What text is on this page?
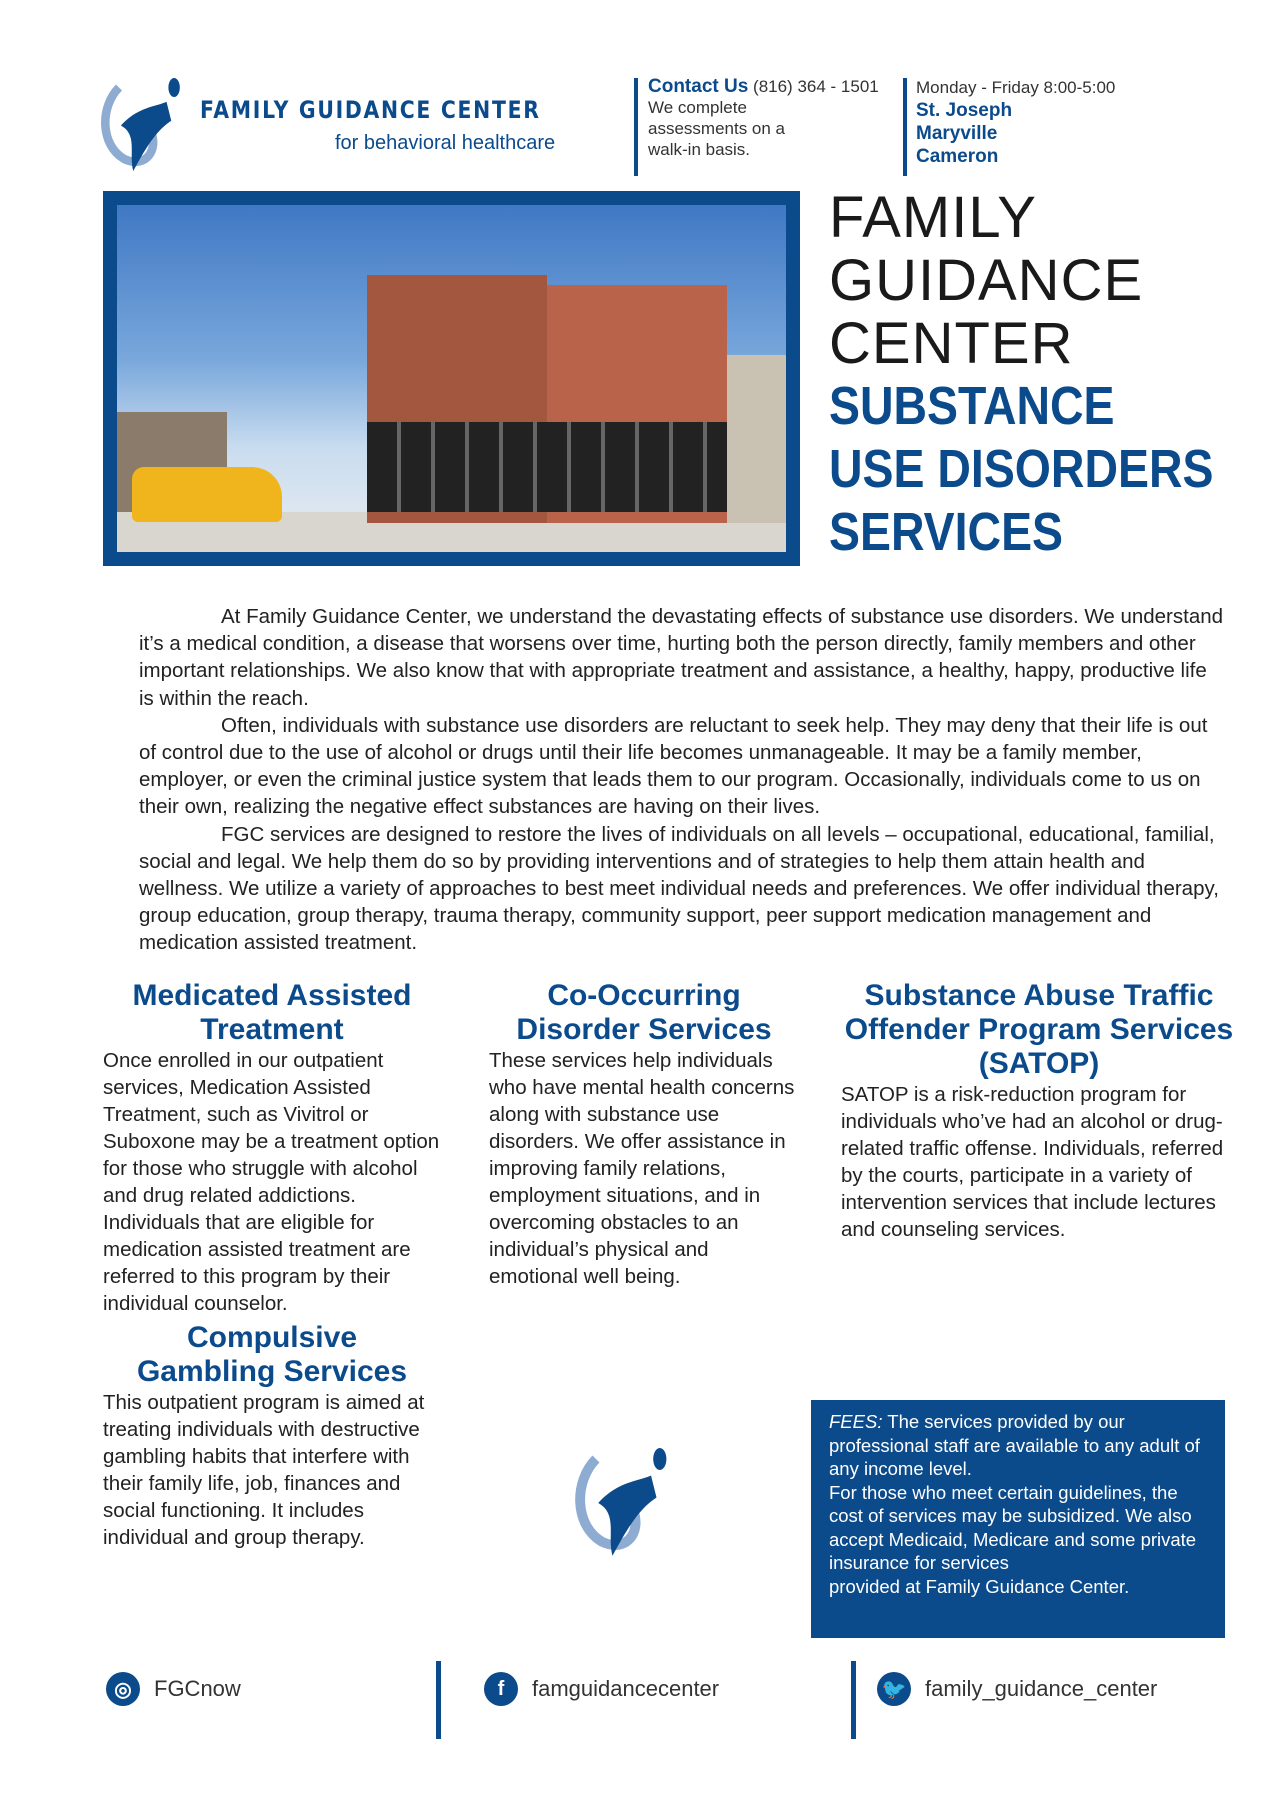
FAMILY GUIDANCE CENTER
for behavioral healthcare
Contact Us (816) 364 - 1501
We complete assessments on a walk-in basis.
Monday - Friday 8:00-5:00
St. Joseph
Maryville
Cameron
FAMILY
GUIDANCE
CENTER
SUBSTANCE
USE DISORDERS
SERVICES

At Family Guidance Center, we understand the devastating effects of substance use disorders. We understand it’s a medical condition, a disease that worsens over time, hurting both the person directly, family members and other important relationships. We also know that with appropriate treatment and assistance, a healthy, happy, productive life is within the reach.

Often, individuals with substance use disorders are reluctant to seek help. They may deny that their life is out of control due to the use of alcohol or drugs until their life becomes unmanageable. It may be a family member, employer, or even the criminal justice system that leads them to our program. Occasionally, individuals come to us on their own, realizing the negative effect substances are having on their lives.

FGC services are designed to restore the lives of individuals on all levels – occupational, educational, familial, social and legal. We help them do so by providing interventions and of strategies to help them attain health and wellness. We utilize a variety of approaches to best meet individual needs and preferences. We offer individual therapy, group education, group therapy, trauma therapy, community support, peer support medication management and medication assisted treatment.

Medicated Assisted Treatment

Once enrolled in our outpatient services, Medication Assisted Treatment, such as Vivitrol or Suboxone may be a treatment option for those who struggle with alcohol and drug related addictions. Individuals that are eligible for medication assisted treatment are referred to this program by their individual counselor.

Compulsive Gambling Services

This outpatient program is aimed at treating individuals with destructive gambling habits that interfere with their family life, job, finances and social functioning. It includes individual and group therapy.

Co-Occurring Disorder Services

These services help individuals who have mental health concerns along with substance use disorders. We offer assistance in improving family relations, employment situations, and in overcoming obstacles to an individual’s physical and emotional well being.

Substance Abuse Traffic Offender Program Services (SATOP)

SATOP is a risk-reduction program for individuals who’ve had an alcohol or drug-related traffic offense. Individuals, referred by the courts, participate in a variety of intervention services that include lectures and counseling services.

FEES: The services provided by our professional staff are available to any adult of any income level.
For those who meet certain guidelines, the cost of services may be subsidized. We also accept Medicaid, Medicare and some private insurance for services
provided at Family Guidance Center.
◎	FGCnow	f	famguidancecenter	🐦 family_guidance_center
